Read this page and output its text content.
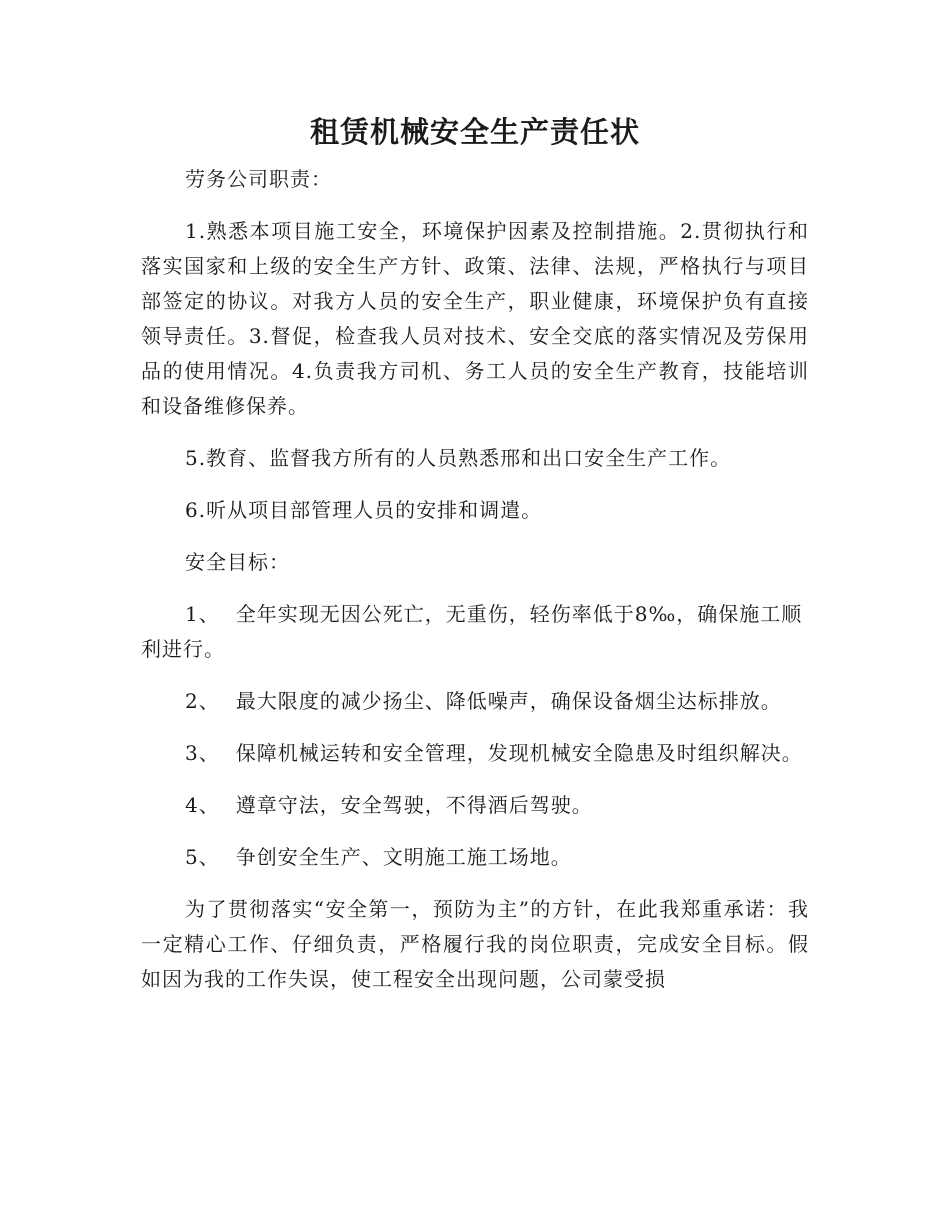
租赁机械安全生产责任状

劳务公司职责：

1.熟悉本项目施工安全，环境保护因素及控制措施。2.贯彻执行和落实国家和上级的安全生产方针、政策、法律、法规，严格执行与项目部签定的协议。对我方人员的安全生产，职业健康，环境保护负有直接领导责任。3.督促，检查我人员对技术、安全交底的落实情况及劳保用品的使用情况。4.负责我方司机、务工人员的安全生产教育，技能培训和设备维修保养。

5.教育、监督我方所有的人员熟悉邢和出口安全生产工作。

6.听从项目部管理人员的安排和调遣。

安全目标：

1、 全年实现无因公死亡，无重伤，轻伤率低于8‰，确保施工顺利进行。

2、 最大限度的减少扬尘、降低噪声，确保设备烟尘达标排放。

3、 保障机械运转和安全管理，发现机械安全隐患及时组织解决。

4、 遵章守法，安全驾驶，不得酒后驾驶。

5、 争创安全生产、文明施工施工场地。

为了贯彻落实“安全第一，预防为主”的方针，在此我郑重承诺：我一定精心工作、仔细负责，严格履行我的岗位职责，完成安全目标。假如因为我的工作失误，使工程安全出现问题，公司蒙受损
